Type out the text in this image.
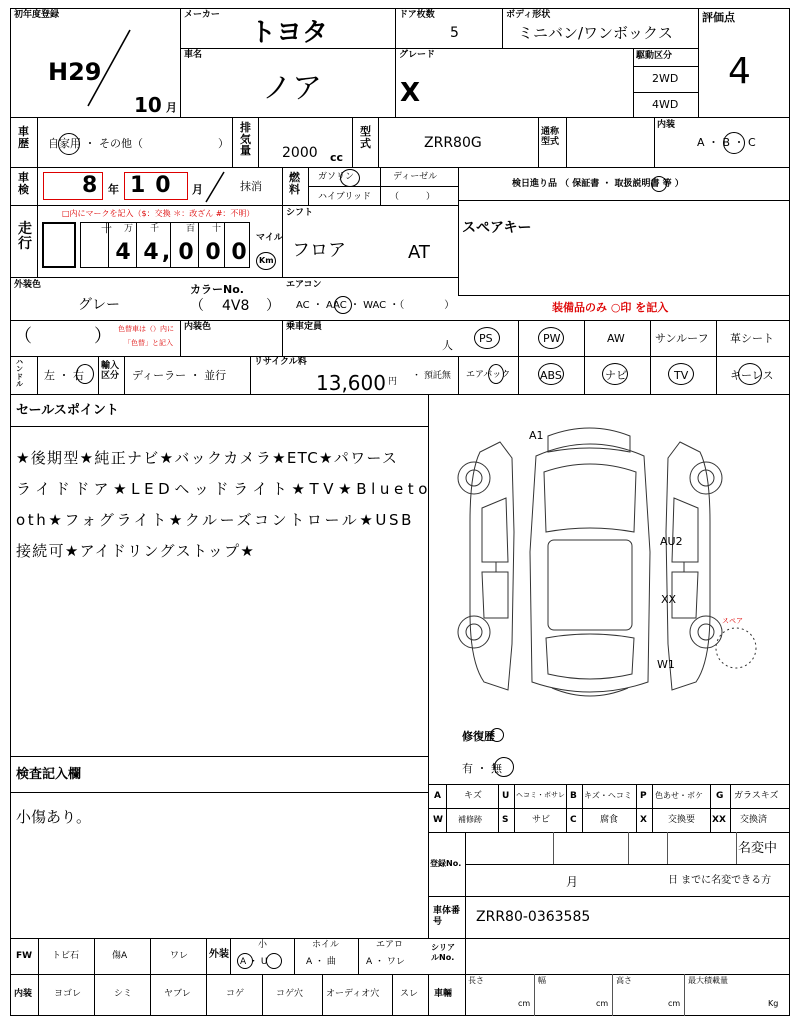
初年度登録
H29
10 月
メーカー
トヨタ
ドア枚数
5
ボディ形状
ミニバン/ワンボックス
評価点
4
車名
ノア
グレード
X
駆動区分
2WD
4WD
車歴 自家用 ・ その他（	）
排気量 2000 cc
型式	ZRR80G
通称型式
内装
A ・ B ・ C
車検 8 年 10 月	抹消
燃料
ガソリン	ディーゼル
ハイブリッド （　　　）
検日進り品 （ 保証書 ・ 取扱説明書 等 ）
スペアキー
走行
□内にマークを記入（$：交換 ＊：改ざん #：不明）
万 千	百 十
十
4 4 , 0 0 0
マイル
Km
シフト
フロア	AT
外装色
グレー
カラーNo.
（ 4V8 ）
エアコン
AC ・ AAC ・ WAC ・（　　　　）	装備品のみ ○印 を記入
（	） 色替車は（）内に
「色替」と記入
内装色	乗車定員
人
PS	PW	AW	サンルーフ 革シート
ハンドル
左 ・ 右
輸入区分	ディーラー ・ 並行
リサイクル料
13,600 円
・ 預託無 エアバック	ABS	ナビ	TV	キーレス
セールスポイント
★後期型★純正ナビ★バックカメラ★ETC★パワース
ライドドア★LEDヘッドライト★TV★Blueto
oth★フォグライト★クルーズコントロール★USB
接続可★アイドリングストップ★
A1
AU2
XX
W1
スペア
修復歴
有 ・ 無
検査記入欄
小傷あり。
A	キズ U ヘコミ・ボサレ B キズ・ヘコミ P 色あせ・ボケ G ガラスキズ
W 補修跡 S	サビ C	腐食 X 交換要 XX 交換済
登録No.
名変中
月	日 までに名変できる方
車体番号	ZRR80-0363585
FW トビ石	傷A	ワレ 外装
小
A ・ U
ホイル
A ・ 曲
エアロ
A ・ ワレ
シリアルNo.
内装 ヨゴレ	シミ	ヤブレ	コゲ	コゲ穴	オーディオ穴 スレ 車輛
長さ
cm
幅
cm
高さ
cm
最大積載量
Kg
